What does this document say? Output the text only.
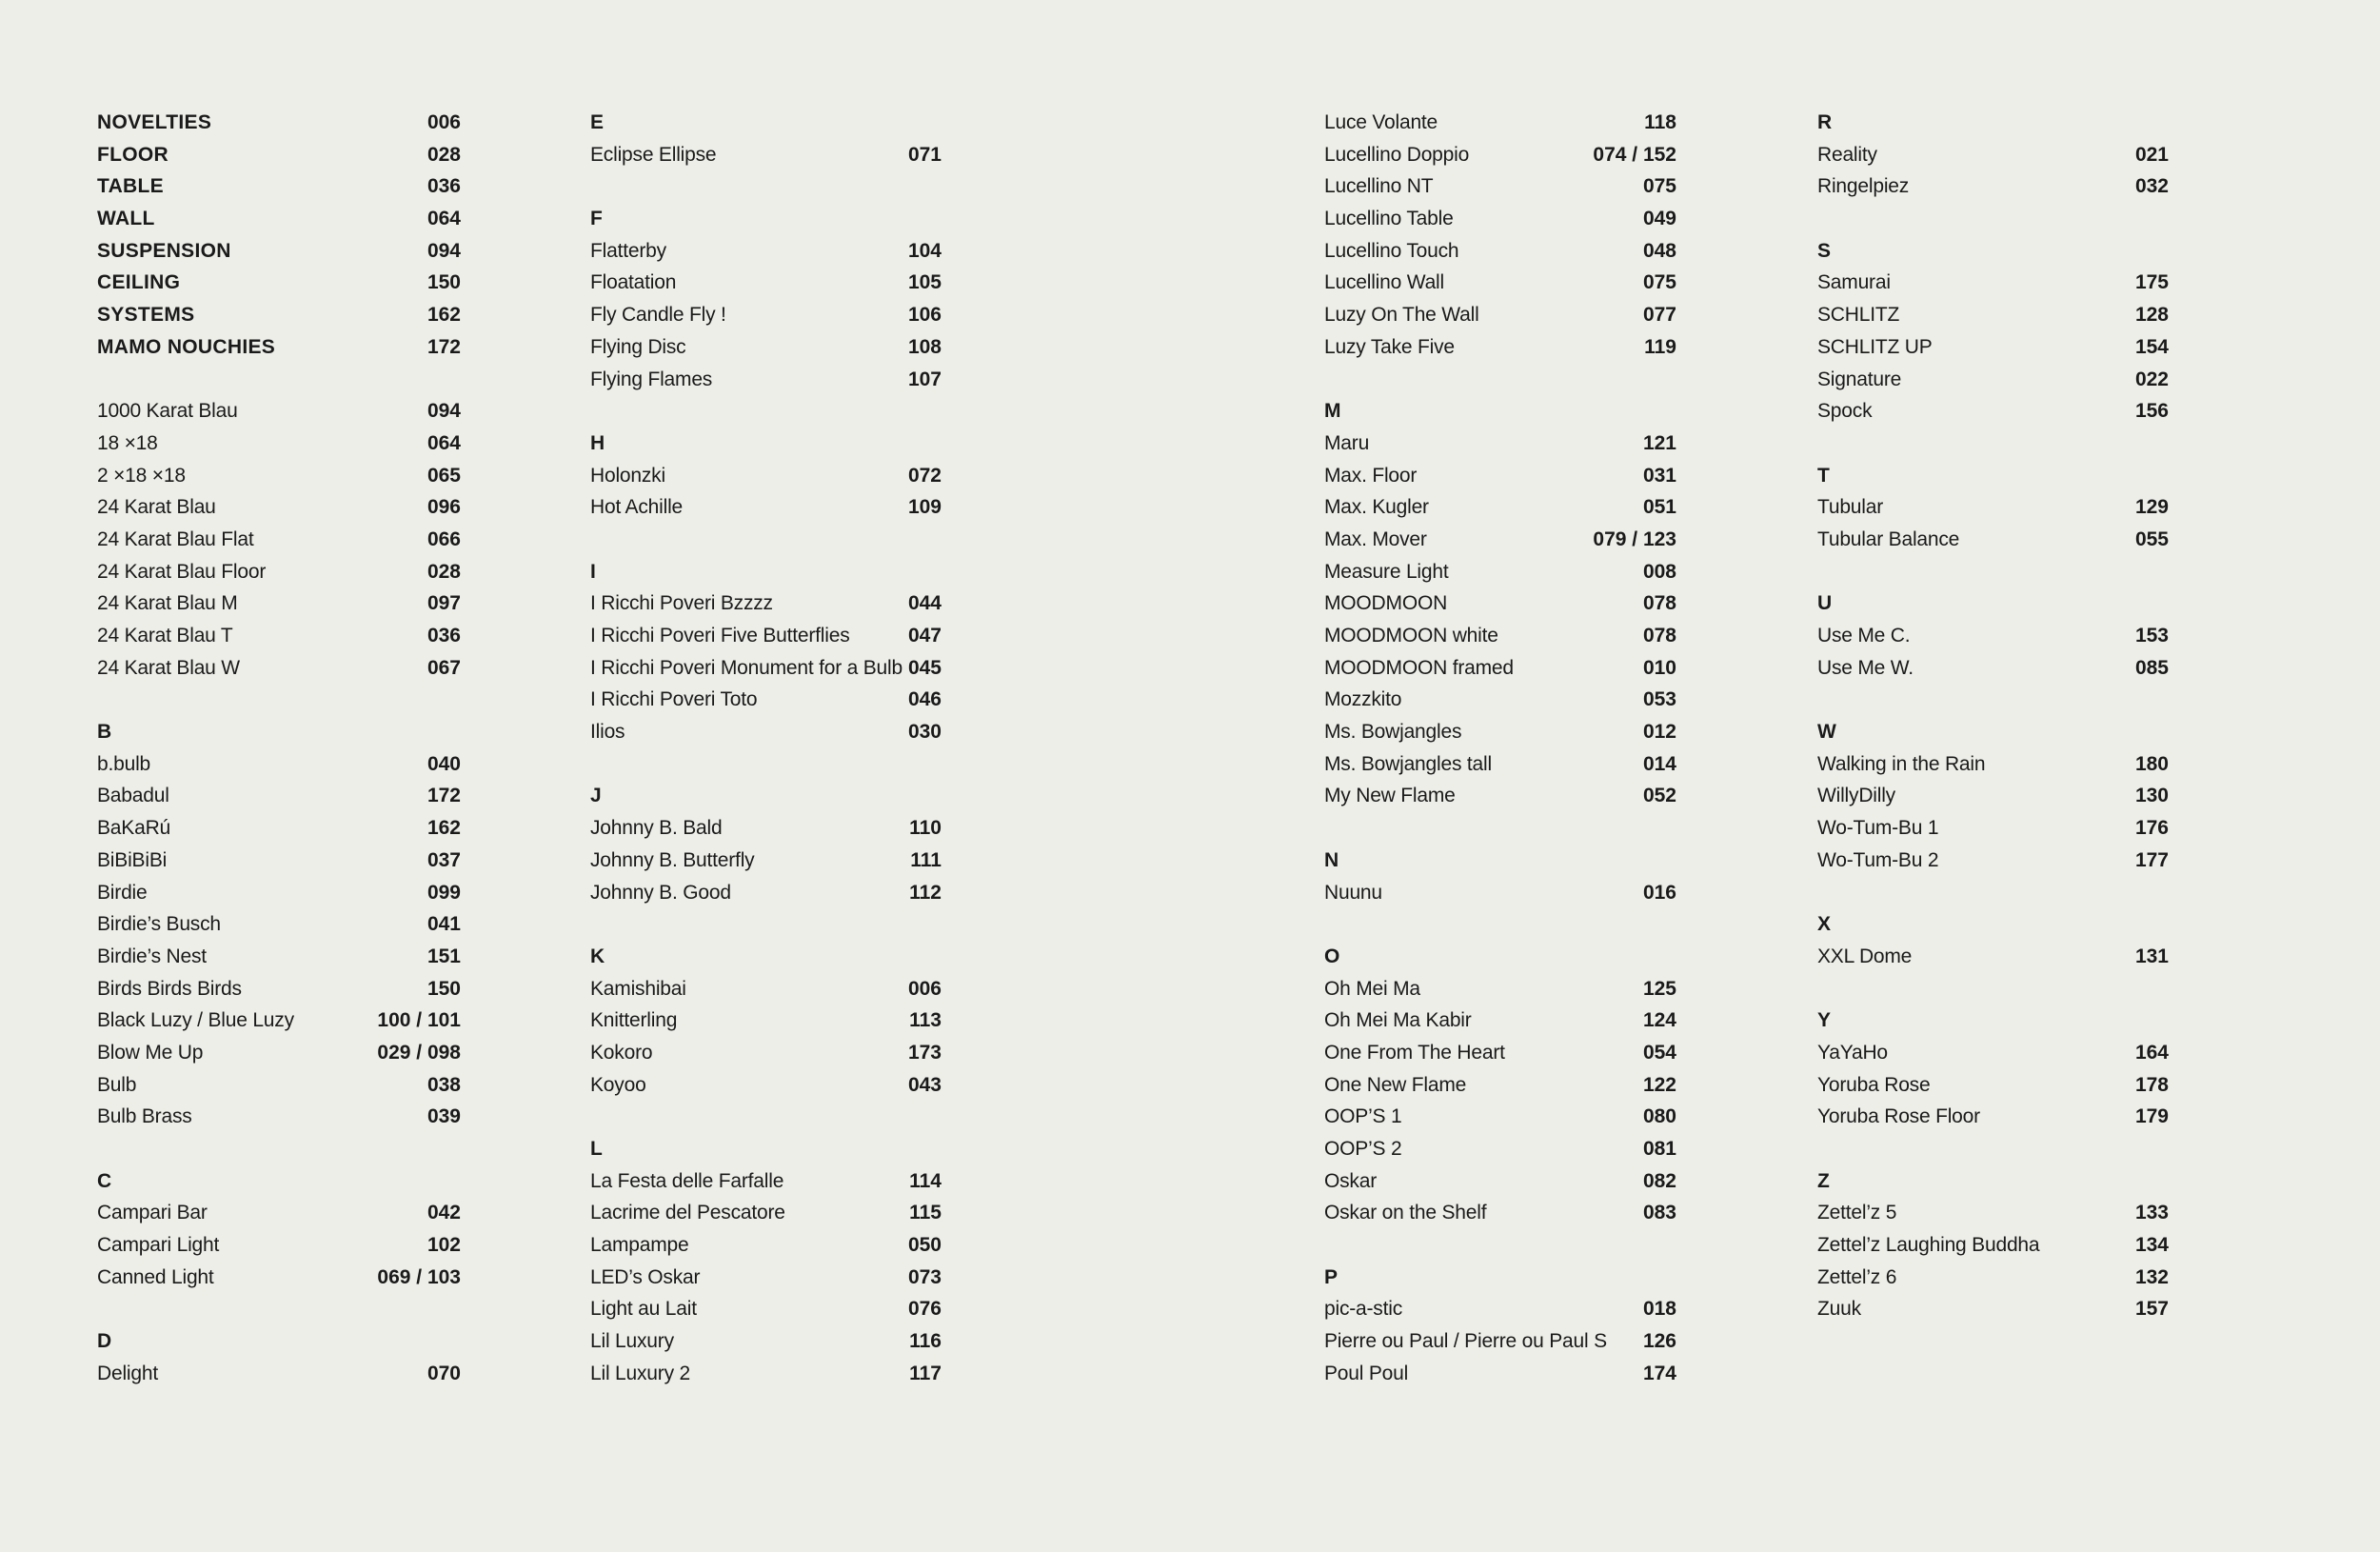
NOVELTIES	006
FLOOR	028
TABLE	036
WALL	064
SUSPENSION	094
CEILING	150
SYSTEMS	162
MAMO NOUCHIES	172
1000 Karat Blau	094
18 ×18	064
2 ×18 ×18	065
24 Karat Blau	096
24 Karat Blau Flat	066
24 Karat Blau Floor	028
24 Karat Blau M	097
24 Karat Blau T	036
24 Karat Blau W	067
B
b.bulb	040
Babadul	172
BaKaRú	162
BiBiBiBi	037
Birdie	099
Birdie’s Busch	041
Birdie’s Nest	151
Birds Birds Birds	150
Black Luzy / Blue Luzy	100 / 101
Blow Me Up	029 / 098
Bulb	038
Bulb Brass	039
C
Campari Bar	042
Campari Light	102
Canned Light	069 / 103
D
Delight	070
E
Eclipse Ellipse	071
F
Flatterby	104
Floatation	105
Fly Candle Fly !	106
Flying Disc	108
Flying Flames	107
H
Holonzki	072
Hot Achille	109
I
I Ricchi Poveri Bzzzz	044
I Ricchi Poveri Five Butterflies	047
I Ricchi Poveri Monument for a Bulb 045
I Ricchi Poveri Toto	046
Ilios	030
J
Johnny B. Bald	110
Johnny B. Butterfly	111
Johnny B. Good	112
K
Kamishibai	006
Knitterling	113
Kokoro	173
Koyoo	043
L
La Festa delle Farfalle	114
Lacrime del Pescatore	115
Lampampe	050
LED’s Oskar	073
Light au Lait	076
Lil Luxury	116
Lil Luxury 2	117
Luce Volante	118
Lucellino Doppio	074 / 152
Lucellino NT	075
Lucellino Table	049
Lucellino Touch	048
Lucellino Wall	075
Luzy On The Wall	077
Luzy Take Five	119
M
Maru	121
Max. Floor	031
Max. Kugler	051
Max. Mover	079 / 123
Measure Light	008
MOODMOON	078
MOODMOON white	078
MOODMOON framed	010
Mozzkito	053
Ms. Bowjangles	012
Ms. Bowjangles tall	014
My New Flame	052
N
Nuunu	016
O
Oh Mei Ma	125
Oh Mei Ma Kabir	124
One From The Heart	054
One New Flame	122
OOP’S 1	080
OOP’S 2	081
Oskar	082
Oskar on the Shelf	083
P
pic-a-stic	018
Pierre ou Paul / Pierre ou Paul S 126
Poul Poul	174
R
Reality	021
Ringelpiez	032
S
Samurai	175
SCHLITZ	128
SCHLITZ UP	154
Signature	022
Spock	156
T
Tubular	129
Tubular Balance	055
U
Use Me C.	153
Use Me W.	085
W
Walking in the Rain	180
WillyDilly	130
Wo-Tum-Bu 1	176
Wo-Tum-Bu 2	177
X
XXL Dome	131
Y
YaYaHo	164
Yoruba Rose	178
Yoruba Rose Floor	179
Z
Zettel’z 5	133
Zettel’z Laughing Buddha	134
Zettel’z 6	132
Zuuk	157
